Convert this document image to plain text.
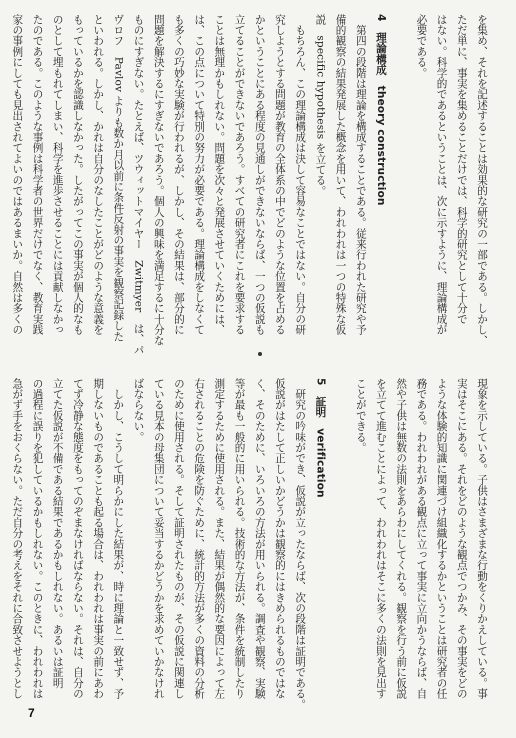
を集め、それを記述することは効果的な研究の一部である。しかし、
ただ単に、事実を集めることだけでは、科学的研究として十分で
はない。科学的であるということは、次に示すように、理論構成が
必要である。

4　理論構成　theory construction
　第四の段階は理論を構成することである。従来行われた研究や予
備的観察の結果発展した概念を用いて、われわれは一つの特殊な仮
説　specific hypothesis を立てる。
　もちろん、この理論構成は決して容易なことではない。自分の研
究しようとする問題が教育の全体系の中でどのような位置を占める
かということにある程度の見通しができないならば、一つの仮説も
立てることができないであろう。すべての研究者にこれを要求する
ことは無理かもしれない。問題を次々と発展させていくためには、
は、この点について特別の努力が必要である。理論構成をしなくて
も多くの巧妙な実験が行われるが、しかし、その結果は、部分的に
問題を解決するにすぎないであろう。個人の興味を満足するに十分な
ものにすぎない。たとえば、ツウィットマイヤー　Zwitmyer　は、パ
ヴロフ　Pavlov よりも数か月以前に条件反射の事実を観察記録した
といわれる。しかし、かれは自分のなしたことがどのような意義を
もっているかを認識しなかった。したがってこの事実が個人的なも
のとして埋もれてしまい、科学を進歩させることには貢献しなかっ
たのである。このような事例は科学者の世界だけでなく、教育実践
家の事例にしても見出されてよいのではあるまいか。自然は多くの
現象を示している。子供はさまざまな行動をくりかえしている。事
実はそこにある。それをどのような観点でつかみ、その事実をどの
ような体験的知識に関連づけ組織化するかということは研究者の任
務である。われわれがある観点に立って事実に立向かうならば、自
然や子供は無数の法則をあらわにしてくれる。観察を行う前に仮説
を立てて進むことによって、われわれはそこに多くの法則を見出す
ことができる。

5　証明　verification
　研究の吟味ができ、仮説が立ったならば、次の段階は証明である。
仮説がはたして正しいかどうかは観察的にはきめられるものではな
く、そのために、いろいろの方法が用いられる。調査や観察、実験
等が最も一般的に用いられる。技術的な方法が、条件を統制したり
測定するために使用される。また、結果が偶然的な要因によって左
右されることの危険を防ぐために、統計的方法が多くの資料の分析
のために使用される。そして証明されたものが、その仮説に関連し
ている見本の母集団について妥当するかどうかを求めていかなけれ
ばならない。
　しかし、こうして明らかにした結果が、時に理論と一致せず、予
期しないものであることも起る場合は、われわれは事実の前にあわ
てず冷静な態度をもってのぞまなければならない。それは、自分の
立てた仮説が不備である結果であるかもしれない。あるいは証明
の過程に誤りを犯しているかもしれない。このときに、われわれは
急がず手をおくらない。ただ自分の考えをそれに合致させようとし
7
